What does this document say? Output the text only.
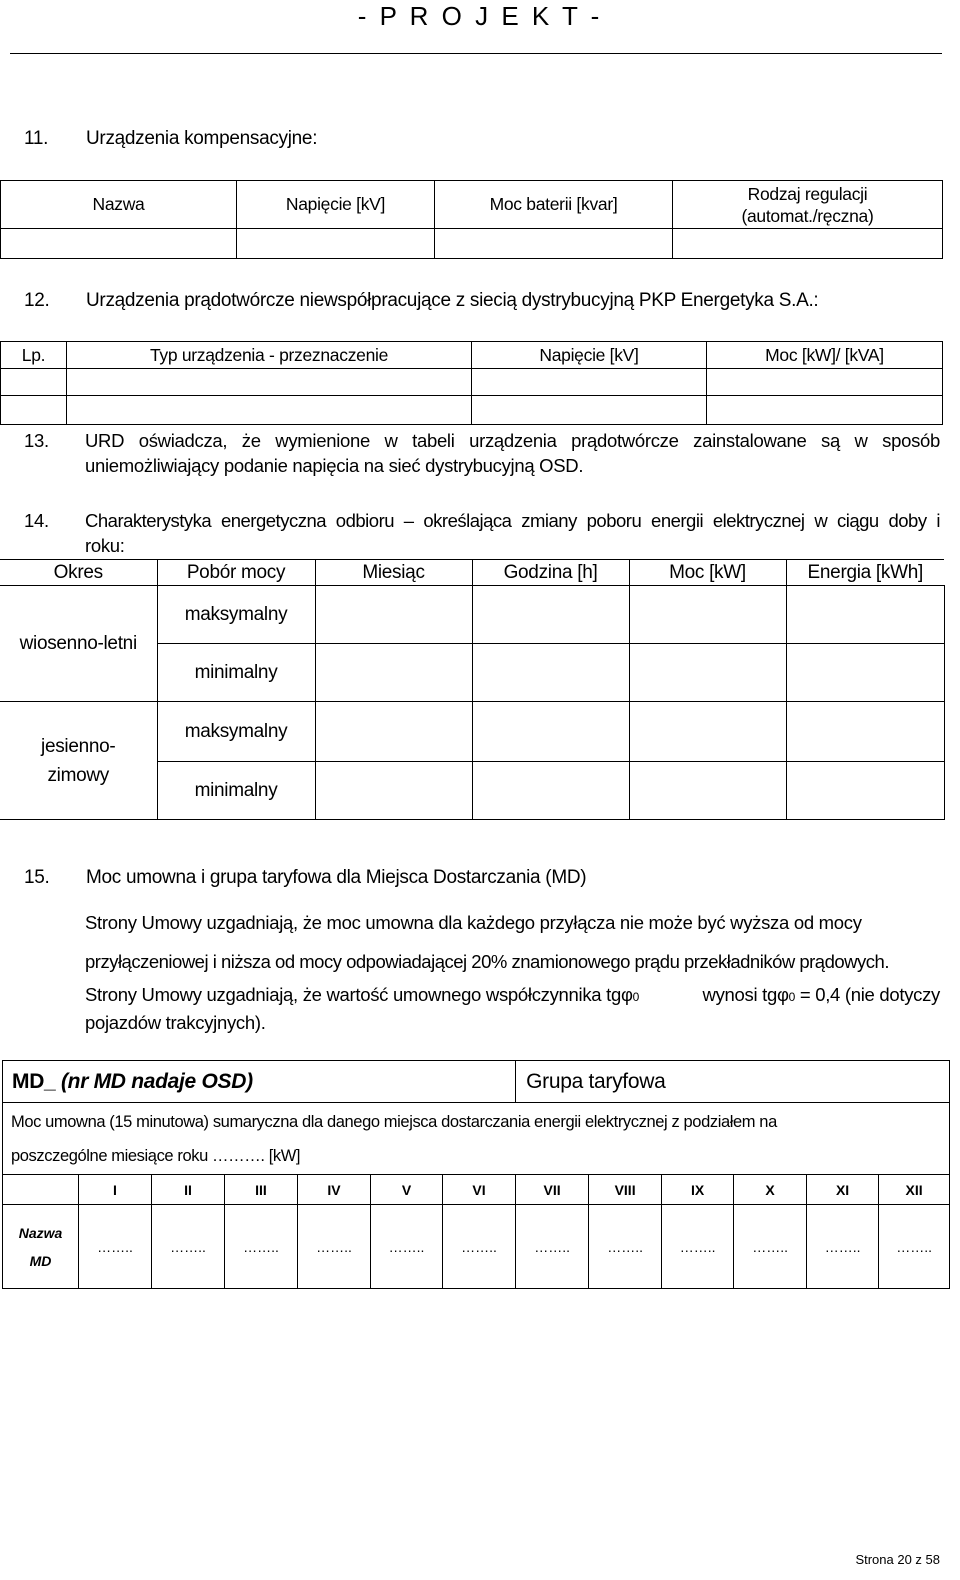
- P R O J E K T -
11. Urządzenia kompensacyjne:
Nazwa	Napięcie [kV]	Moc baterii [kvar]	Rodzaj regulacji
(automat./ręczna)

12. Urządzenia prądotwórcze niewspółpracujące z siecią dystrybucyjną PKP Energetyka S.A.:
Lp.	Typ urządzenia - przeznaczenie	Napięcie [kV]	Moc [kW]/ [kVA]

13. URD oświadcza, że wymienione w tabeli urządzenia prądotwórcze zainstalowane są w sposób
uniemożliwiający podanie napięcia na sieć dystrybucyjną OSD.
14. Charakterystyka energetyczna odbioru – określająca zmiany poboru energii elektrycznej w ciągu doby i
roku:
Okres	Pobór mocy	Miesiąc	Godzina [h]	Moc [kW]	Energia [kWh]
wiosenno-letni	maksymalny				
	minimalny				

jesienno-
zimowy	maksymalny				
	minimalny				
15. Moc umowna i grupa taryfowa dla Miejsca Dostarczania (MD)
Strony Umowy uzgadniają, że moc umowna dla każdego przyłącza nie może być wyższa od mocy
przyłączeniowej i niższa od mocy odpowiadającej 20% znamionowego prądu przekładników prądowych.
Strony Umowy uzgadniają, że wartość umownego współczynnika tgφ0	wynosi tgφ0 = 0,4 (nie dotyczy
pojazdów trakcyjnych).
MD_ (nr MD nadaje OSD)							Grupa taryfowa					

Moc umowna (15 minutowa) sumaryczna dla danego miejsca dostarczania energii elektrycznej z podziałem na
poszczególne miesiące roku ………. [kW]												

	I	II	III	IV	V	VI	VII	VIII	IX	X	XI	XII

Nazwa
MD	……..	……..	……..	……..	……..	……..	……..	……..	……..	……..	……..	……..
Strona 20 z 58
